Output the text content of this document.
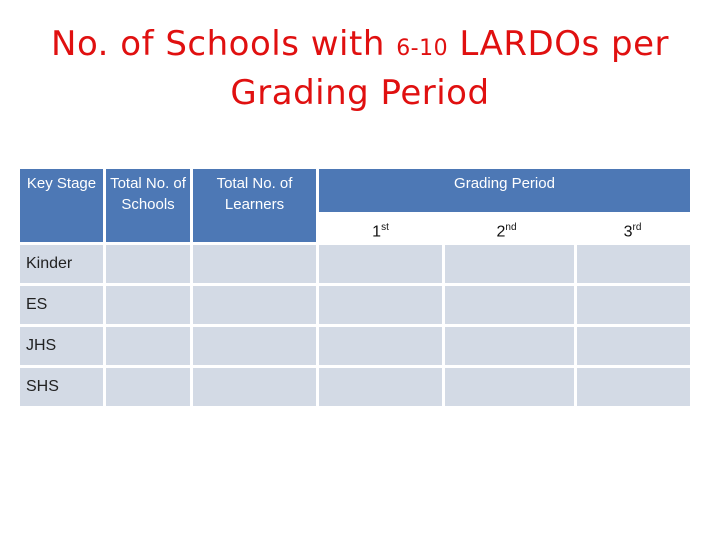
No. of Schools with 6-10 LARDOs per
Grading Period
Key Stage Total No. of Schools
Total No. of Learners
Grading Period
1st	2nd	3rd
Kinder
ES
JHS
SHS
